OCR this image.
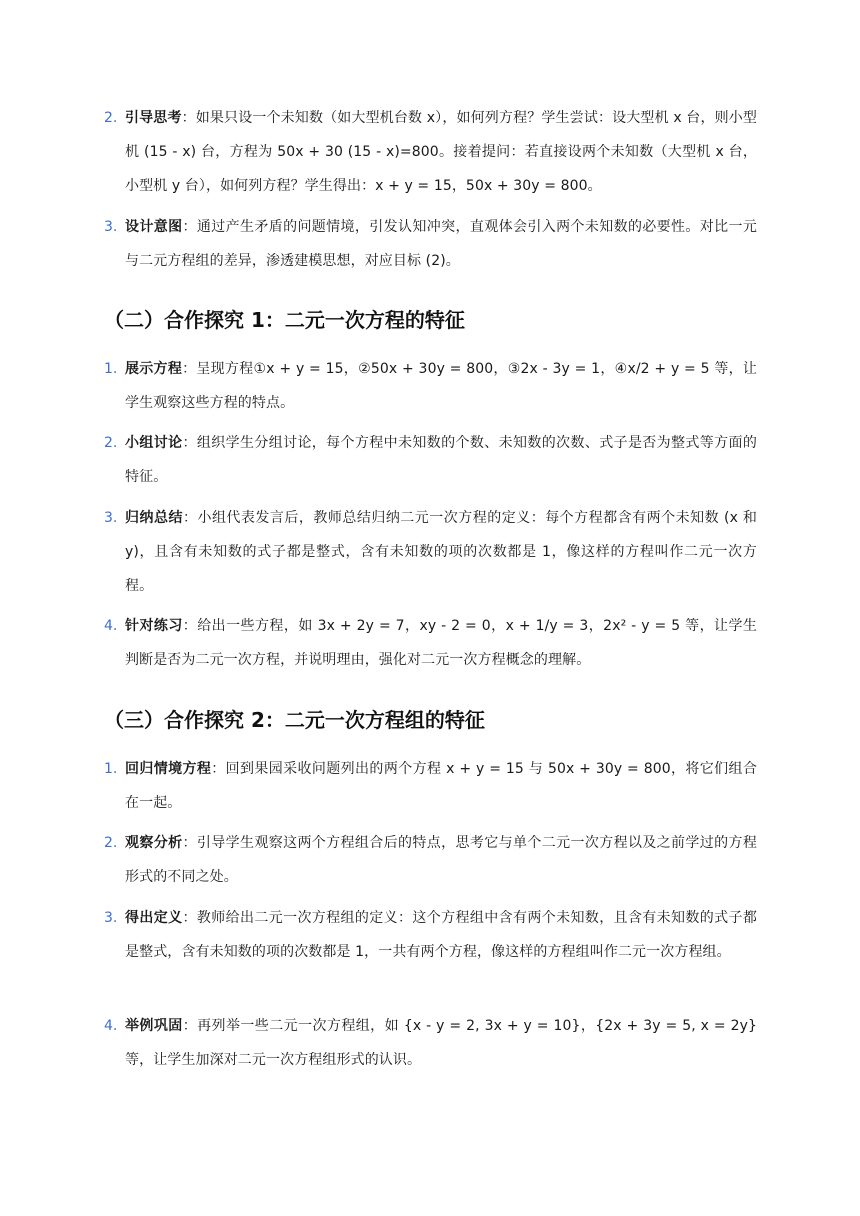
2. 引导思考：如果只设一个未知数（如大型机台数 x），如何列方程？学生尝试：设大型机 x 台，则小型机 (15 - x) 台，方程为 50x + 30 (15 - x)=800。接着提问：若直接设两个未知数（大型机 x 台，小型机 y 台），如何列方程？学生得出：x + y = 15，50x + 30y = 800。
3. 设计意图：通过产生矛盾的问题情境，引发认知冲突，直观体会引入两个未知数的必要性。对比一元与二元方程组的差异，渗透建模思想，对应目标 (2)。
（二）合作探究 1：二元一次方程的特征
1. 展示方程：呈现方程①x + y = 15，②50x + 30y = 800，③2x - 3y = 1，④x/2 + y = 5 等，让学生观察这些方程的特点。
2. 小组讨论：组织学生分组讨论，每个方程中未知数的个数、未知数的次数、式子是否为整式等方面的特征。
3. 归纳总结：小组代表发言后，教师总结归纳二元一次方程的定义：每个方程都含有两个未知数 (x 和 y)，且含有未知数的式子都是整式，含有未知数的项的次数都是 1，像这样的方程叫作二元一次方程。
4. 针对练习：给出一些方程，如 3x + 2y = 7，xy - 2 = 0，x + 1/y = 3，2x² - y = 5 等，让学生判断是否为二元一次方程，并说明理由，强化对二元一次方程概念的理解。
（三）合作探究 2：二元一次方程组的特征
1. 回归情境方程：回到果园采收问题列出的两个方程 x + y = 15 与 50x + 30y = 800，将它们组合在一起。
2. 观察分析：引导学生观察这两个方程组合后的特点，思考它与单个二元一次方程以及之前学过的方程形式的不同之处。
3. 得出定义：教师给出二元一次方程组的定义：这个方程组中含有两个未知数，且含有未知数的式子都是整式，含有未知数的项的次数都是 1，一共有两个方程，像这样的方程组叫作二元一次方程组。
4. 举例巩固：再列举一些二元一次方程组，如 {x - y = 2, 3x + y = 10}，{2x + 3y = 5, x = 2y} 等，让学生加深对二元一次方程组形式的认识。
